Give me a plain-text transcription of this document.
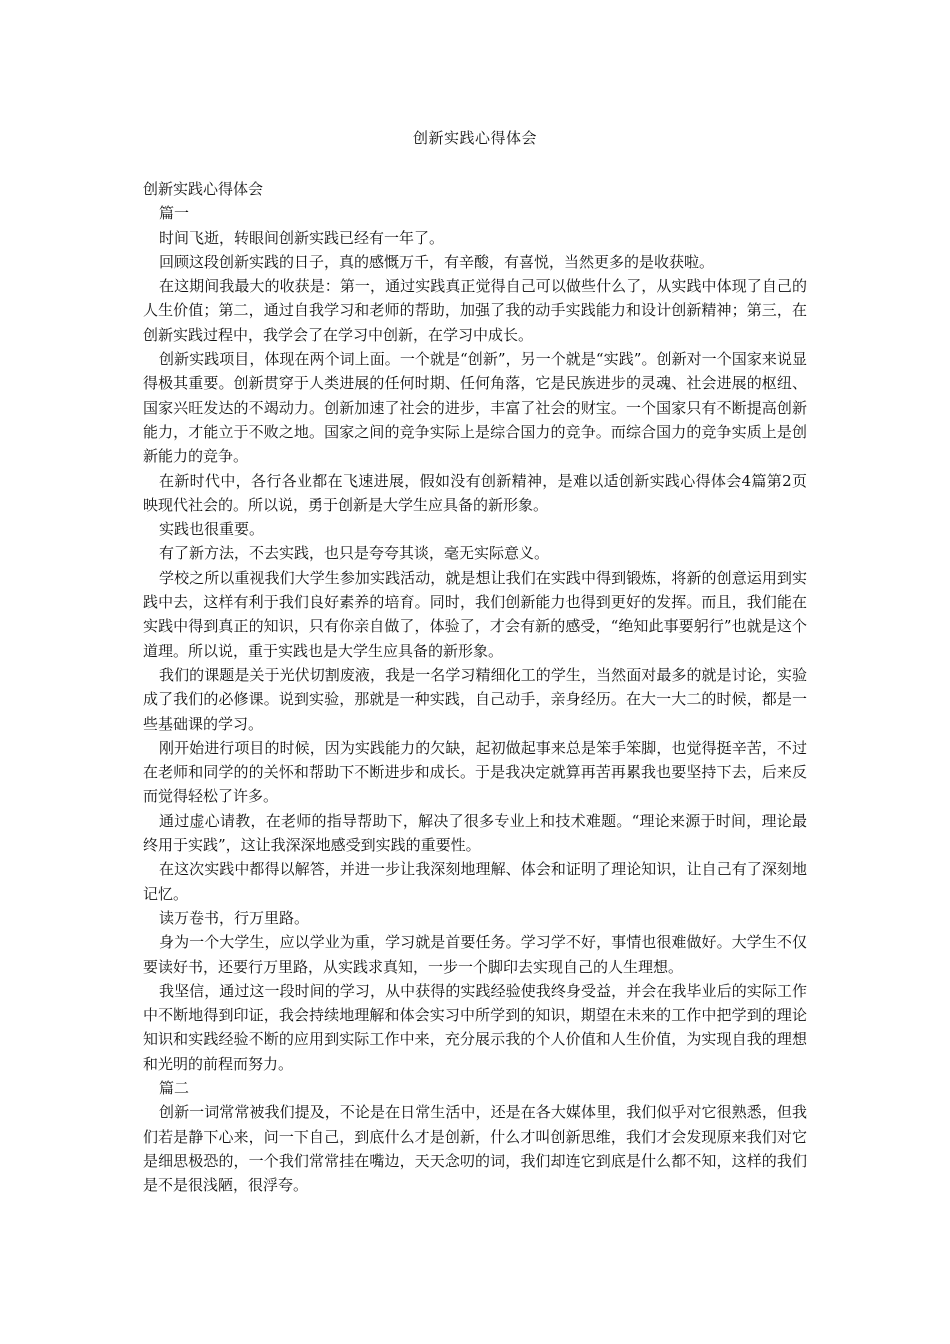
创新实践心得体会

创新实践心得体会

篇一

时间飞逝，转眼间创新实践已经有一年了。

回顾这段创新实践的日子，真的感慨万千，有辛酸，有喜悦，当然更多的是收获啦。

在这期间我最大的收获是：第一，通过实践真正觉得自己可以做些什么了，从实践中体现了自己的人生价值；第二，通过自我学习和老师的帮助，加强了我的动手实践能力和设计创新精神；第三，在创新实践过程中，我学会了在学习中创新，在学习中成长。

创新实践项目，体现在两个词上面。一个就是“创新”，另一个就是“实践”。创新对一个国家来说显得极其重要。创新贯穿于人类进展的任何时期、任何角落，它是民族进步的灵魂、社会进展的枢纽、国家兴旺发达的不竭动力。创新加速了社会的进步，丰富了社会的财宝。一个国家只有不断提高创新能力，才能立于不败之地。国家之间的竞争实际上是综合国力的竞争。而综合国力的竞争实质上是创新能力的竞争。

在新时代中，各行各业都在飞速进展，假如没有创新精神，是难以适创新实践心得体会4篇第2页映现代社会的。所以说，勇于创新是大学生应具备的新形象。

实践也很重要。

有了新方法，不去实践，也只是夸夸其谈，毫无实际意义。

学校之所以重视我们大学生参加实践活动，就是想让我们在实践中得到锻炼，将新的创意运用到实践中去，这样有利于我们良好素养的培育。同时，我们创新能力也得到更好的发挥。而且，我们能在实践中得到真正的知识，只有你亲自做了，体验了，才会有新的感受，“绝知此事要躬行”也就是这个道理。所以说，重于实践也是大学生应具备的新形象。

我们的课题是关于光伏切割废液，我是一名学习精细化工的学生，当然面对最多的就是讨论，实验成了我们的必修课。说到实验，那就是一种实践，自己动手，亲身经历。在大一大二的时候，都是一些基础课的学习。

刚开始进行项目的时候，因为实践能力的欠缺，起初做起事来总是笨手笨脚，也觉得挺辛苦，不过在老师和同学的的关怀和帮助下不断进步和成长。于是我决定就算再苦再累我也要坚持下去，后来反而觉得轻松了许多。

通过虚心请教，在老师的指导帮助下，解决了很多专业上和技术难题。“理论来源于时间，理论最终用于实践”，这让我深深地感受到实践的重要性。

在这次实践中都得以解答，并进一步让我深刻地理解、体会和证明了理论知识，让自己有了深刻地记忆。

读万卷书，行万里路。

身为一个大学生，应以学业为重，学习就是首要任务。学习学不好，事情也很难做好。大学生不仅要读好书，还要行万里路，从实践求真知，一步一个脚印去实现自己的人生理想。

我坚信，通过这一段时间的学习，从中获得的实践经验使我终身受益，并会在我毕业后的实际工作中不断地得到印证，我会持续地理解和体会实习中所学到的知识，期望在未来的工作中把学到的理论知识和实践经验不断的应用到实际工作中来，充分展示我的个人价值和人生价值，为实现自我的理想和光明的前程而努力。

篇二

创新一词常常被我们提及，不论是在日常生活中，还是在各大媒体里，我们似乎对它很熟悉，但我们若是静下心来，问一下自己，到底什么才是创新，什么才叫创新思维，我们才会发现原来我们对它是细思极恐的，一个我们常常挂在嘴边，天天念叨的词，我们却连它到底是什么都不知，这样的我们是不是很浅陋，很浮夸。
